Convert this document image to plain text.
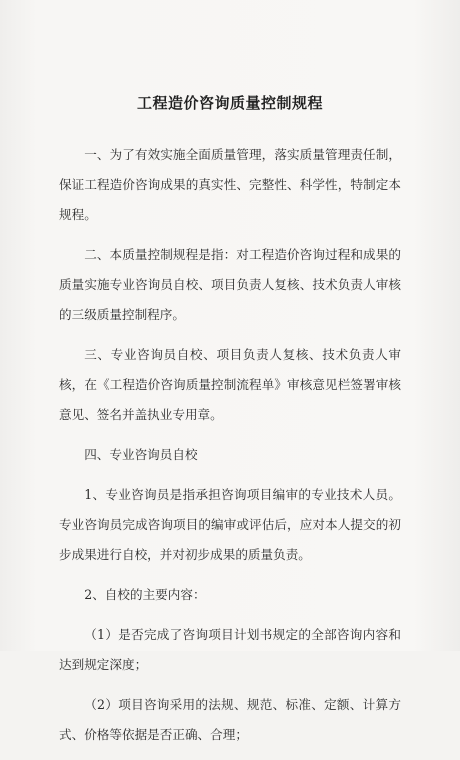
工程造价咨询质量控制规程

一、为了有效实施全面质量管理，落实质量管理责任制，保证工程造价咨询成果的真实性、完整性、科学性，特制定本规程。

二、本质量控制规程是指：对工程造价咨询过程和成果的质量实施专业咨询员自校、项目负责人复核、技术负责人审核的三级质量控制程序。

三、专业咨询员自校、项目负责人复核、技术负责人审核，在《工程造价咨询质量控制流程单》审核意见栏签署审核意见、签名并盖执业专用章。

四、专业咨询员自校

1、专业咨询员是指承担咨询项目编审的专业技术人员。专业咨询员完成咨询项目的编审或评估后，应对本人提交的初步成果进行自校，并对初步成果的质量负责。

2、自校的主要内容：

（1）是否完成了咨询项目计划书规定的全部咨询内容和达到规定深度；

（2）项目咨询采用的法规、规范、标准、定额、计算方式、价格等依据是否正确、合理；
